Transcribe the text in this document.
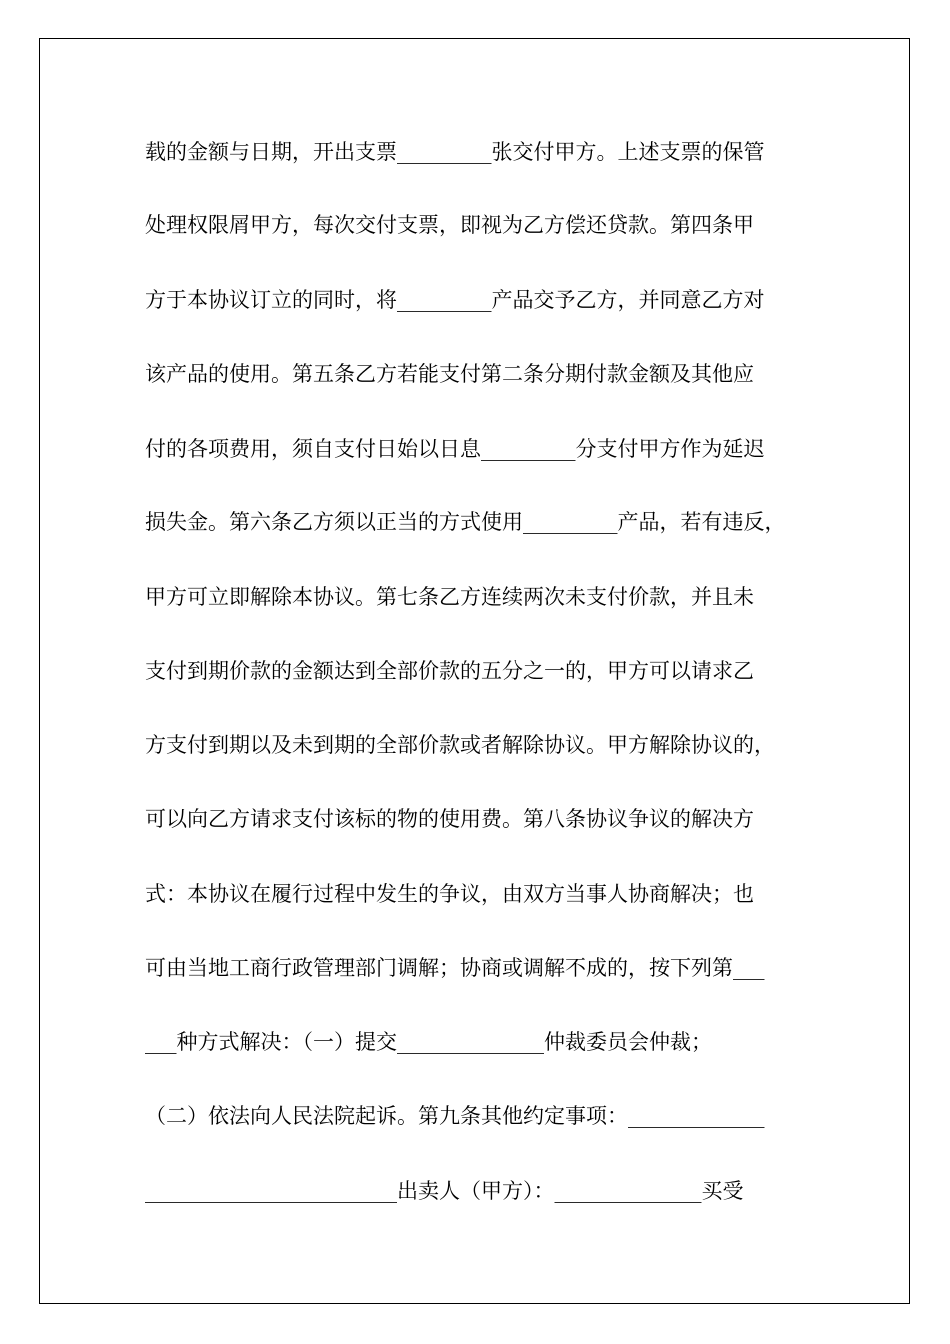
载的金额与日期，开出支票_________张交付甲方。上述支票的保管
处理权限屑甲方，每次交付支票，即视为乙方偿还贷款。第四条甲
方于本协议订立的同时，将_________产品交予乙方，并同意乙方对
该产品的使用。第五条乙方若能支付第二条分期付款金额及其他应
付的各项费用，须自支付日始以日息_________分支付甲方作为延迟
损失金。第六条乙方须以正当的方式使用_________产品，若有违反，
甲方可立即解除本协议。第七条乙方连续两次未支付价款，并且未
支付到期价款的金额达到全部价款的五分之一的，甲方可以请求乙
方支付到期以及未到期的全部价款或者解除协议。甲方解除协议的，
可以向乙方请求支付该标的物的使用费。第八条协议争议的解决方
式：本协议在履行过程中发生的争议，由双方当事人协商解决；也
可由当地工商行政管理部门调解；协商或调解不成的，按下列第___
___种方式解决：（一）提交______________仲裁委员会仲裁；
（二）依法向人民法院起诉。第九条其他约定事项：_____________
________________________出卖人（甲方）：______________买受
